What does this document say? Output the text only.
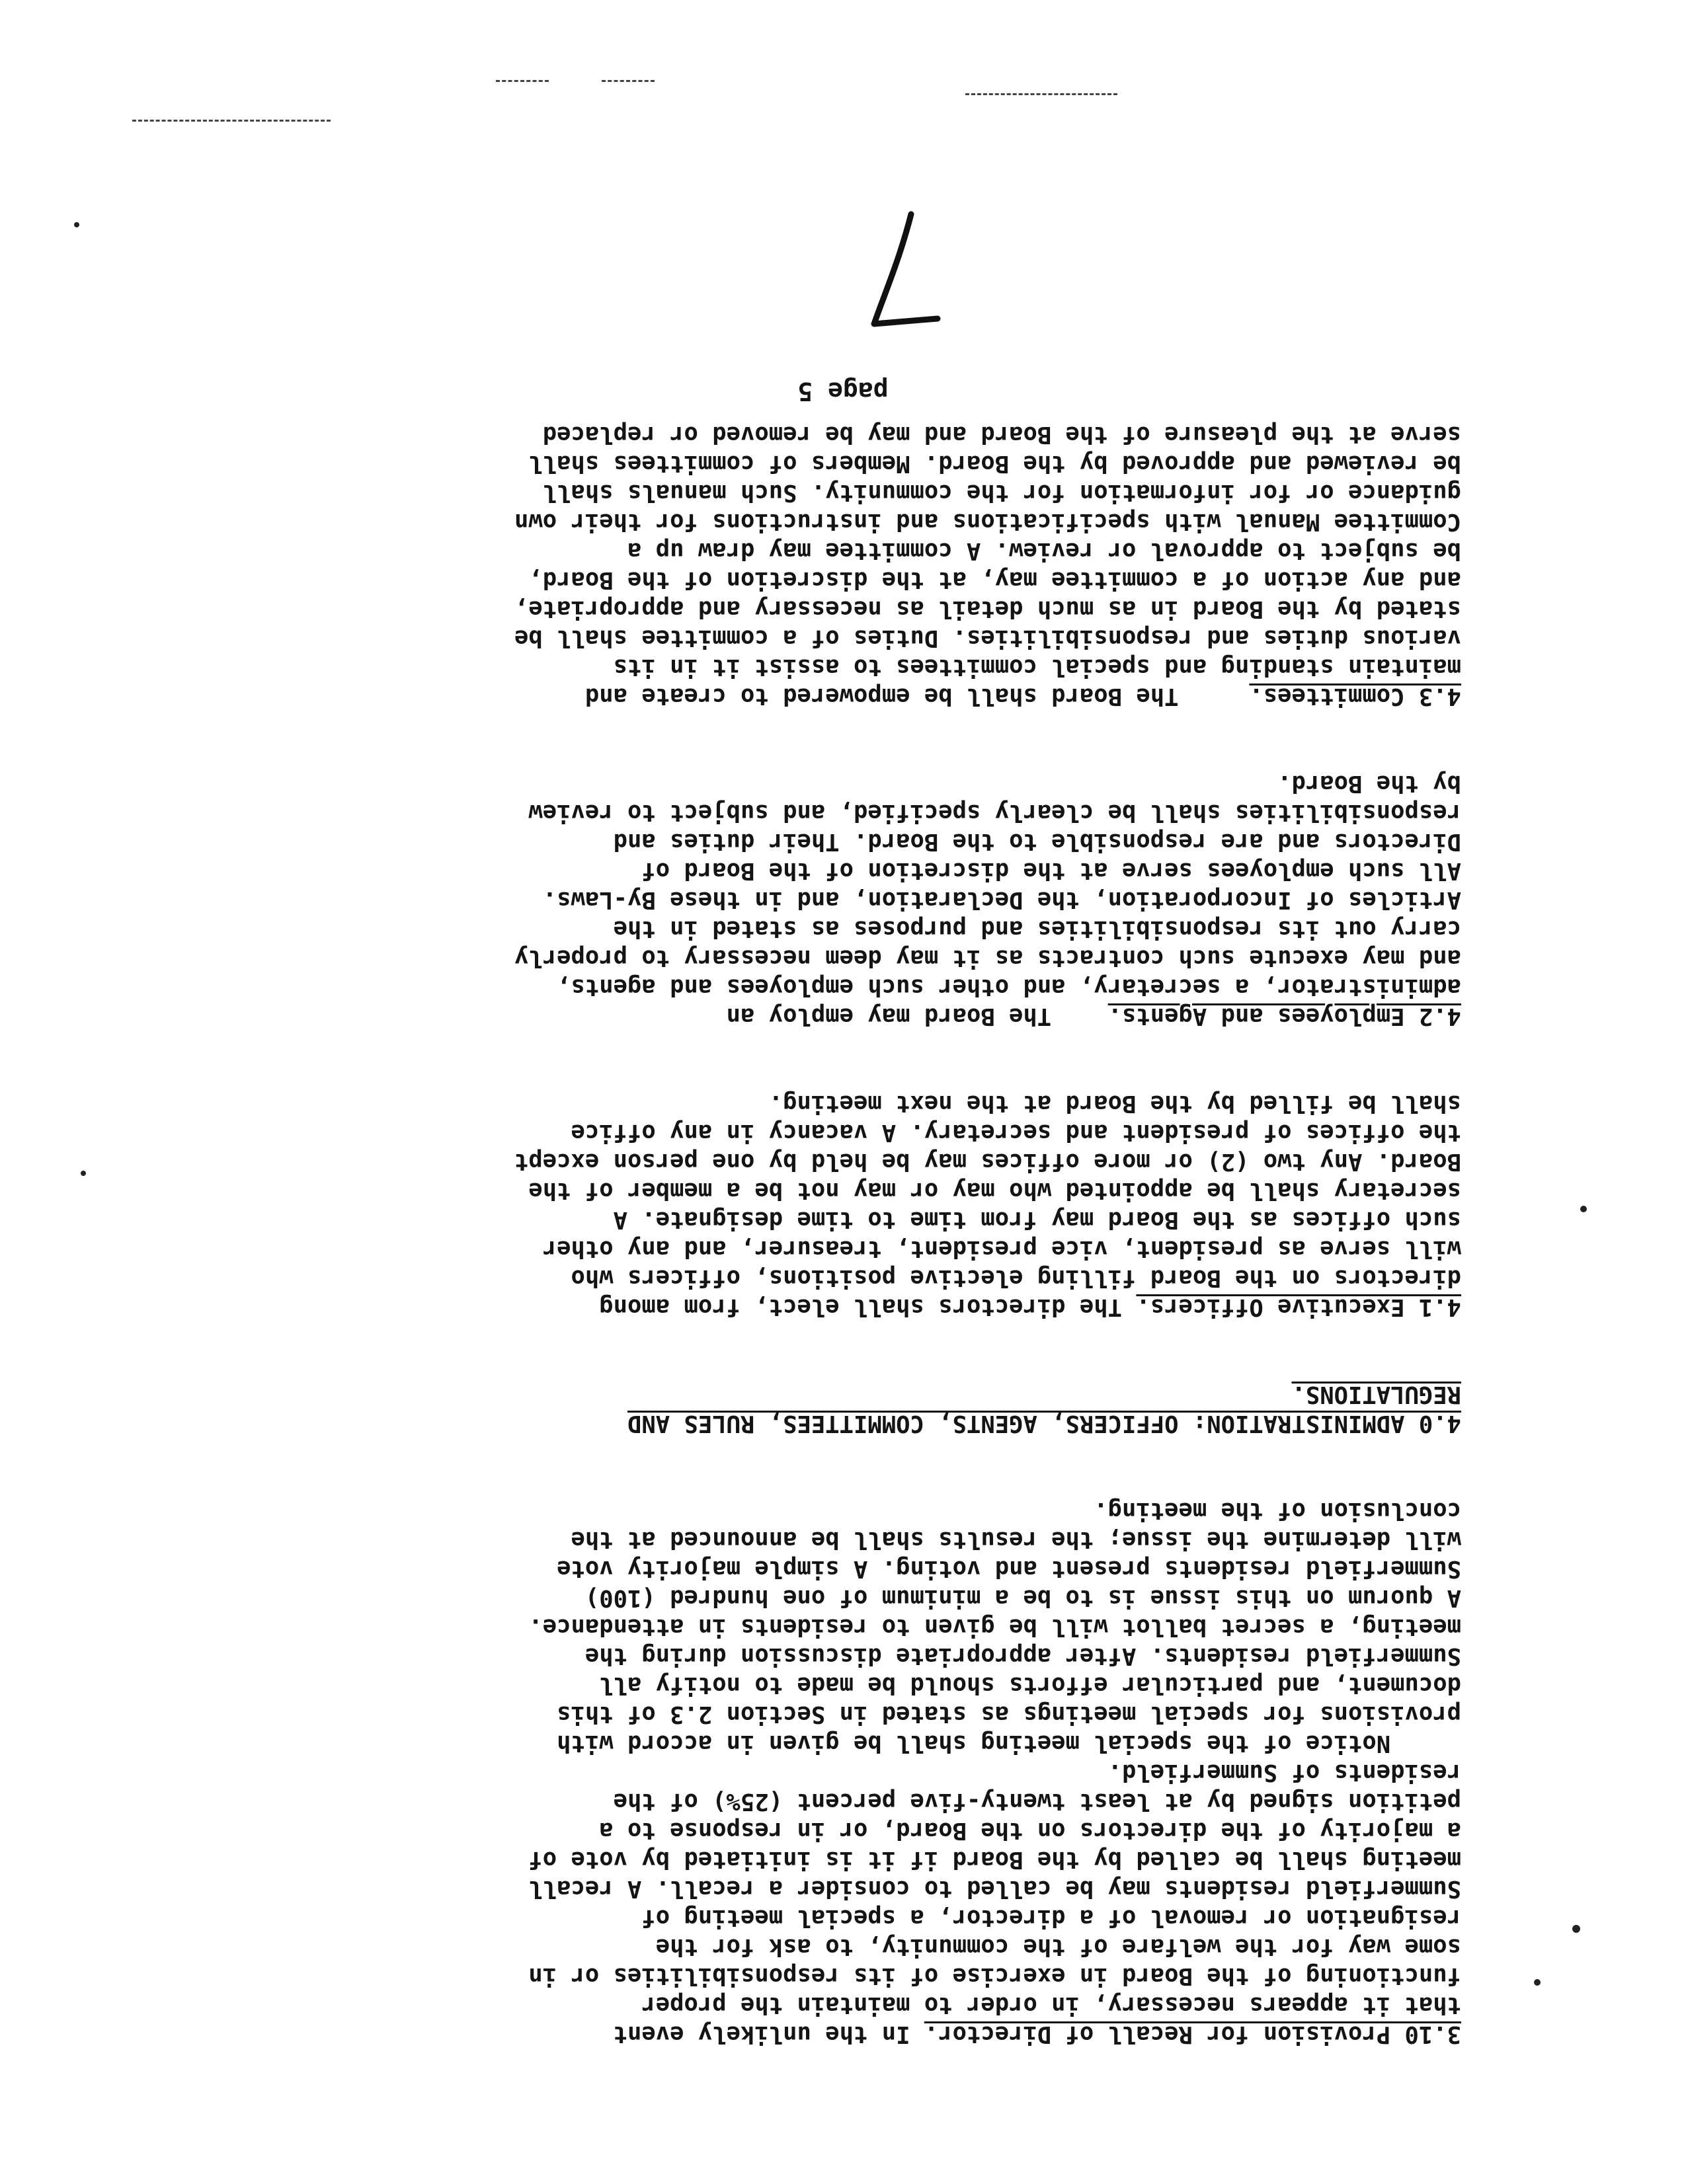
3.10 Provision for Recall of Director. In the unlikely event

that it appears necessary, in order to maintain the proper

functioning of the Board in exercise of its responsibilities or in

some way for the welfare of the community, to ask for the

resignation or removal of a director, a special meeting of

Summerfield residents may be called to consider a recall. A recall

meeting shall be called by the Board if it is initiated by vote of

a majority of the directors on the Board, or in response to a

petition signed by at least twenty-five percent (25%) of the

residents of Summerfield.

Notice of the special meeting shall be given in accord with

provisions for special meetings as stated in Section 2.3 of this

document, and particular efforts should be made to notify all

Summerfield residents. After appropriate discussion during the

meeting, a secret ballot will be given to residents in attendance.

A quorum on this issue is to be a minimum of one hundred (100)

Summerfield residents present and voting. A simple majority vote

will determine the issue; the results shall be announced at the

conclusion of the meeting.

4.0 ADMINISTRATION: OFFICERS, AGENTS, COMMITTEES, RULES AND

REGULATIONS.

4.1 Executive Officers. The directors shall elect, from among

directors on the Board filling elective positions, officers who

will serve as president, vice president, treasurer, and any other

such offices as the Board may from time to time designate. A

secretary shall be appointed who may or may not be a member of the

Board. Any two (2) or more offices may be held by one person except

the offices of president and secretary. A vacancy in any office

shall be filled by the Board at the next meeting.

4.2 Employees and Agents.    The Board may employ an

administrator, a secretary, and other such employees and agents,

and may execute such contracts as it may deem necessary to properly

carry out its responsibilities and purposes as stated in the

Articles of Incorporation, the Declaration, and in these By-Laws.

All such employees serve at the discretion of the Board of

Directors and are responsible to the Board. Their duties and

responsibilities shall be clearly specified, and subject to review

by the Board.

4.3 Committees.     The Board shall be empowered to create and

maintain standing and special committees to assist it in its

various duties and responsibilities. Duties of a committee shall be

stated by the Board in as much detail as necessary and appropriate,

and any action of a committee may, at the discretion of the Board,

be subject to approval or review. A committee may draw up a

Committee Manual with specifications and instructions for their own

guidance or for information for the community. Such manuals shall

be reviewed and approved by the Board. Members of committees shall

serve at the pleasure of the Board and may be removed or replaced

page 5
